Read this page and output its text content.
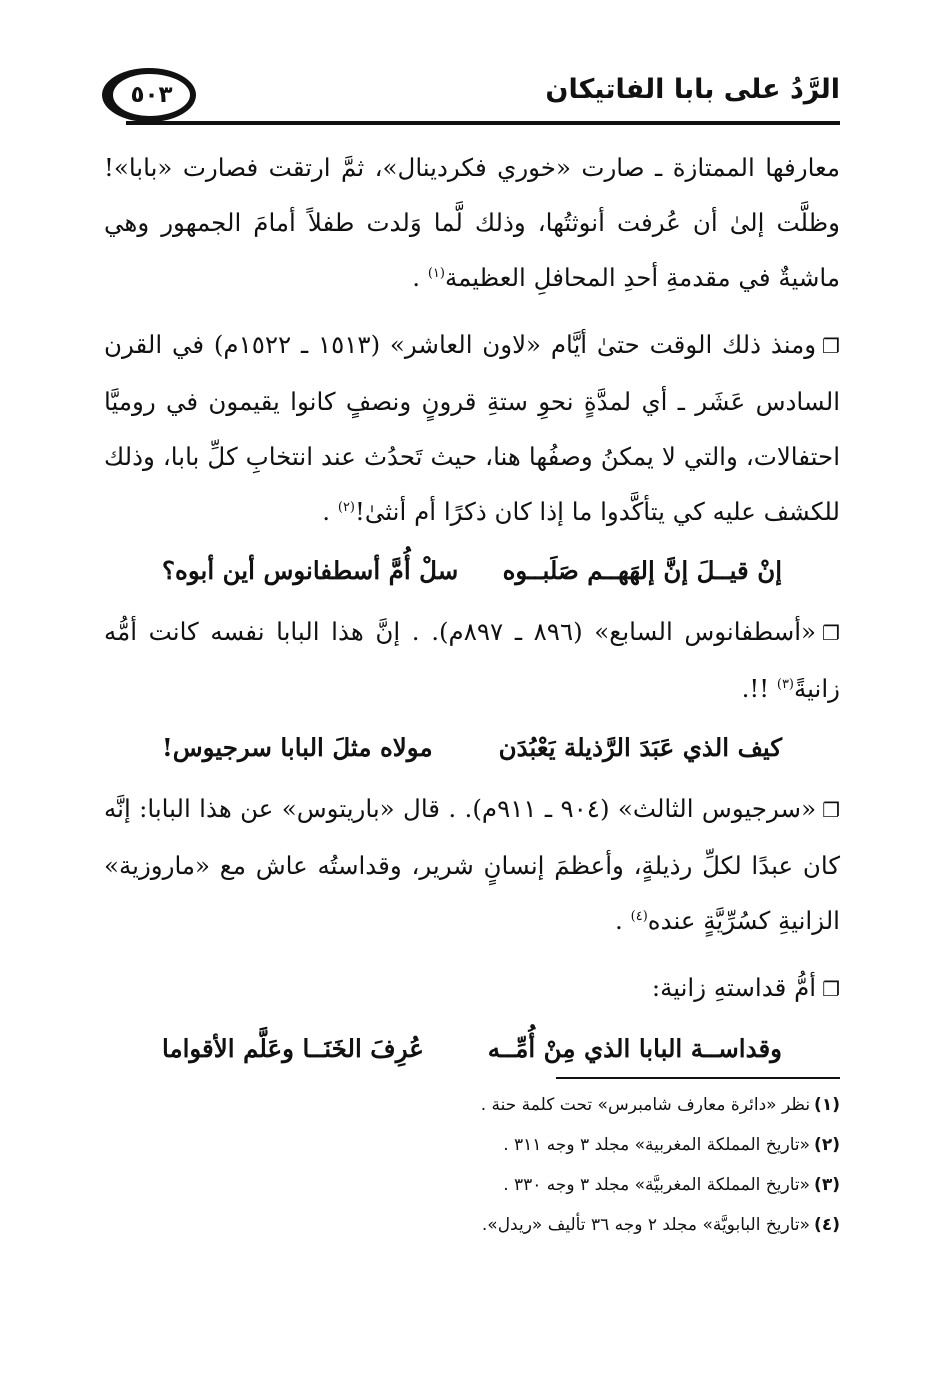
الرَّدُ على بابا الفاتيكان
٥٠٣

معارفها الممتازة ـ صارت «خوري فكردينال»، ثمَّ ارتقت فصارت «بابا»! وظلَّت إلىٰ أن عُرفت أنوثتُها، وذلك لَّما وَلدت طفلاً أمامَ الجمهور وهي ماشيةٌ في مقدمةِ أحدِ المحافلِ العظيمة$^{(١)}$ .

❐ومنذ ذلك الوقت حتىٰ أيَّام «لاون العاشر» (١٥١٣ ـ ١٥٢٢م) في القرن السادس عَشَر ـ أي لمدَّةٍ نحوِ ستةِ قرونٍ ونصفٍ كانوا يقيمون في روميَّا احتفالات، والتي لا يمكنُ وصفُها هنا، حيث تَحدُث عند انتخابِ كلِّ بابا، وذلك للكشف عليه كي يتأكَّدوا ما إذا كان ذكرًا أم أنثىٰ!$^{(٢)}$ .

إنْ قيــلَ إنَّ إلهَهــم صَلَبــوه
سلْ أُمَّ أسطفانوس أين أبوه؟

❐«أسطفانوس السابع» (٨٩٦ ـ ٨٩٧م). . إنَّ هذا البابا نفسه كانت أمُّه زانيةً$^{(٣)}$ !!.

كيف الذي عَبَدَ الرَّذيلة يَعْبُدَن
مولاه مثلَ البابا سرجيوس!

❐«سرجيوس الثالث» (٩٠٤ ـ ٩١١م). . قال «باريتوس» عن هذا البابا: إنَّه كان عبدًا لكلِّ رذيلةٍ، وأعظمَ إنسانٍ شرير، وقداستُه عاش مع «ماروزية» الزانيةِ كسُرِّيَّةٍ عنده$^{(٤)}$ .

❐أمُّ قداستهِ زانية:

وقداســة البابا الذي مِنْ أُمِّــه
عُرِفَ الخَنَــا وعَلَّم الأقواما
(١)نظر «دائرة معارف شامبرس» تحت كلمة حنة .
(٢)«تاريخ المملكة المغربية» مجلد ٣ وجه ٣١١ .
(٣)«تاريخ المملكة المغربيَّة» مجلد ٣ وجه ٣٣٠ .
(٤)«تاريخ البابويَّة» مجلد ٢ وجه ٣٦ تأليف «ريدل».
